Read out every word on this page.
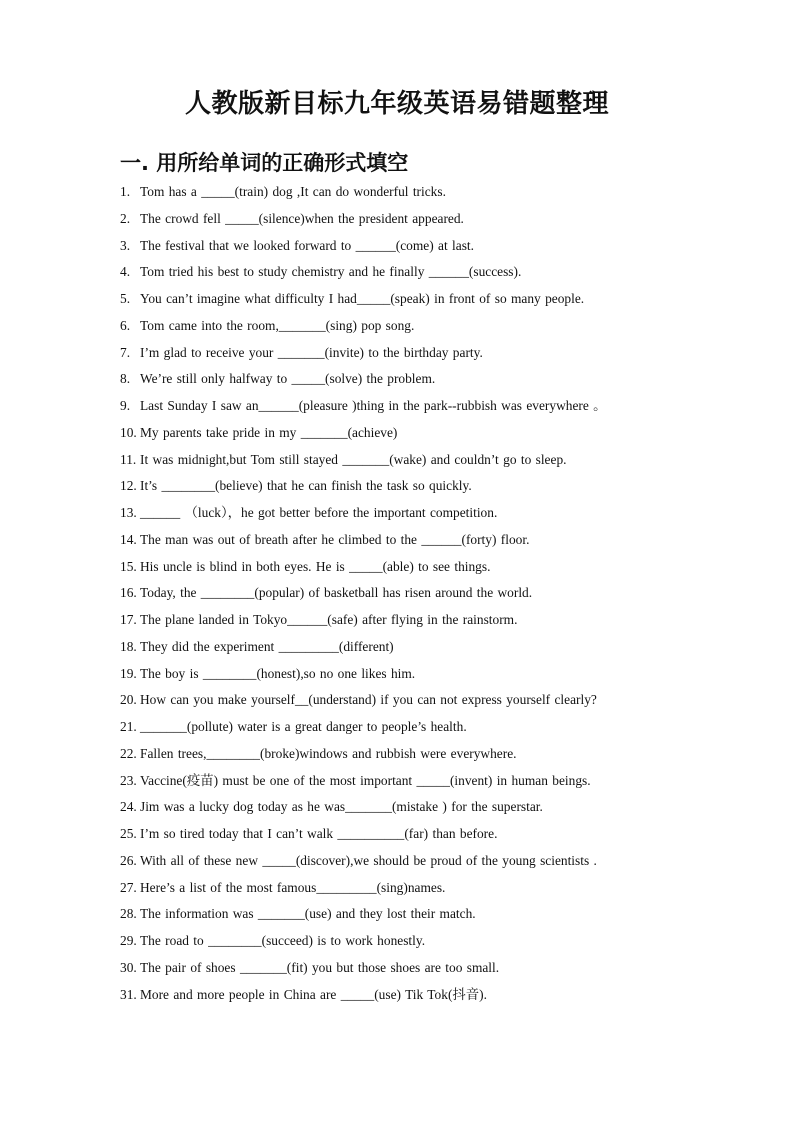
人教版新目标九年级英语易错题整理
一. 用所给单词的正确形式填空
1. Tom has a _____(train) dog ,It can do wonderful tricks.
2. The crowd fell _____(silence)when the president appeared.
3. The festival that we looked forward to ______(come) at last.
4. Tom tried his best to study chemistry and he finally ______(success).
5. You can’t imagine what difficulty I had_____(speak) in front of so many people.
6. Tom came into the room,_______(sing) pop song.
7. I’m glad to receive your _______(invite) to the birthday party.
8. We’re still only halfway to _____(solve) the problem.
9. Last Sunday I saw an______(pleasure )thing in the park--rubbish was everywhere 。
10. My parents take pride in my _______(achieve)
11. It was midnight,but Tom still stayed _______(wake) and couldn’t go to sleep.
12. It’s ________(believe) that he can finish the task so quickly.
13. ______ （luck），he got better before the important competition.
14. The man was out of breath after he climbed to the ______(forty) floor.
15. His uncle is blind in both eyes. He is _____(able) to see things.
16. Today, the ________(popular) of basketball has risen around the world.
17. The plane landed in Tokyo______(safe) after flying in the rainstorm.
18. They did the experiment _________(different)
19. The boy is ________(honest),so no one likes him.
20. How can you make yourself__(understand) if you can not express yourself clearly?
21. _______(pollute) water is a great danger to people’s health.
22. Fallen trees,________(broke)windows and rubbish were everywhere.
23. Vaccine(疫苗) must be one of the most important _____(invent) in human beings.
24. Jim was a lucky dog today as he was_______(mistake ) for the superstar.
25. I’m so tired today that I can’t walk __________(far) than before.
26. With all of these new _____(discover),we should be proud of the young scientists .
27. Here’s a list of the most famous_________(sing)names.
28. The information was _______(use) and they lost their match.
29. The road to ________(succeed) is to work honestly.
30. The pair of shoes _______(fit) you but those shoes are too small.
31. More and more people in China are _____(use) Tik Tok(抖音).
